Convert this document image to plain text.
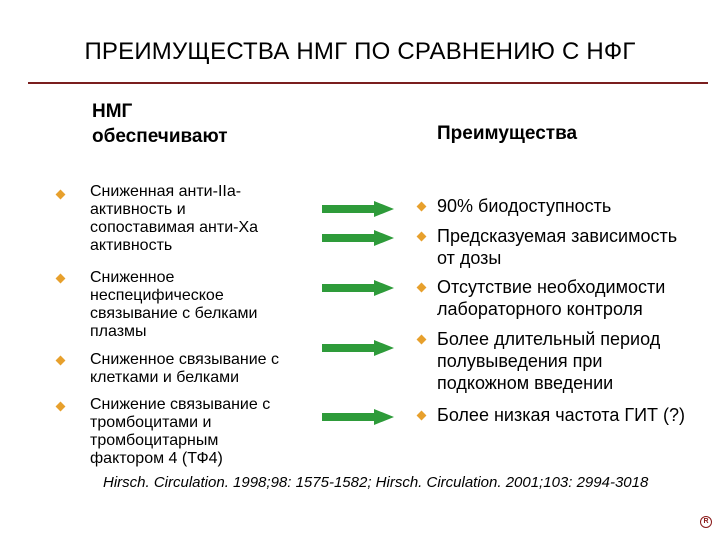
ПРЕИМУЩЕСТВА НМГ ПО СРАВНЕНИЮ С НФГ
НМГ
обеспечивают	Преимущества
Сниженная анти-IIa-
активность и
сопоставимая анти-Ха
активность
Сниженное
неспецифическое
связывание с белками
плазмы
Сниженное связывание с
клетками и белками
Снижение связывание с
тромбоцитами и
тромбоцитарным
фактором 4 (ТФ4)
90% биодоступность
Предсказуемая зависимость
от дозы
Отсутствие необходимости
лабораторного контроля
Более длительный период
полувыведения при
подкожном введении
Более низкая частота ГИТ (?)
Hirsch. Circulation. 1998;98: 1575-1582; Hirsch. Circulation. 2001;103: 2994-3018
R
